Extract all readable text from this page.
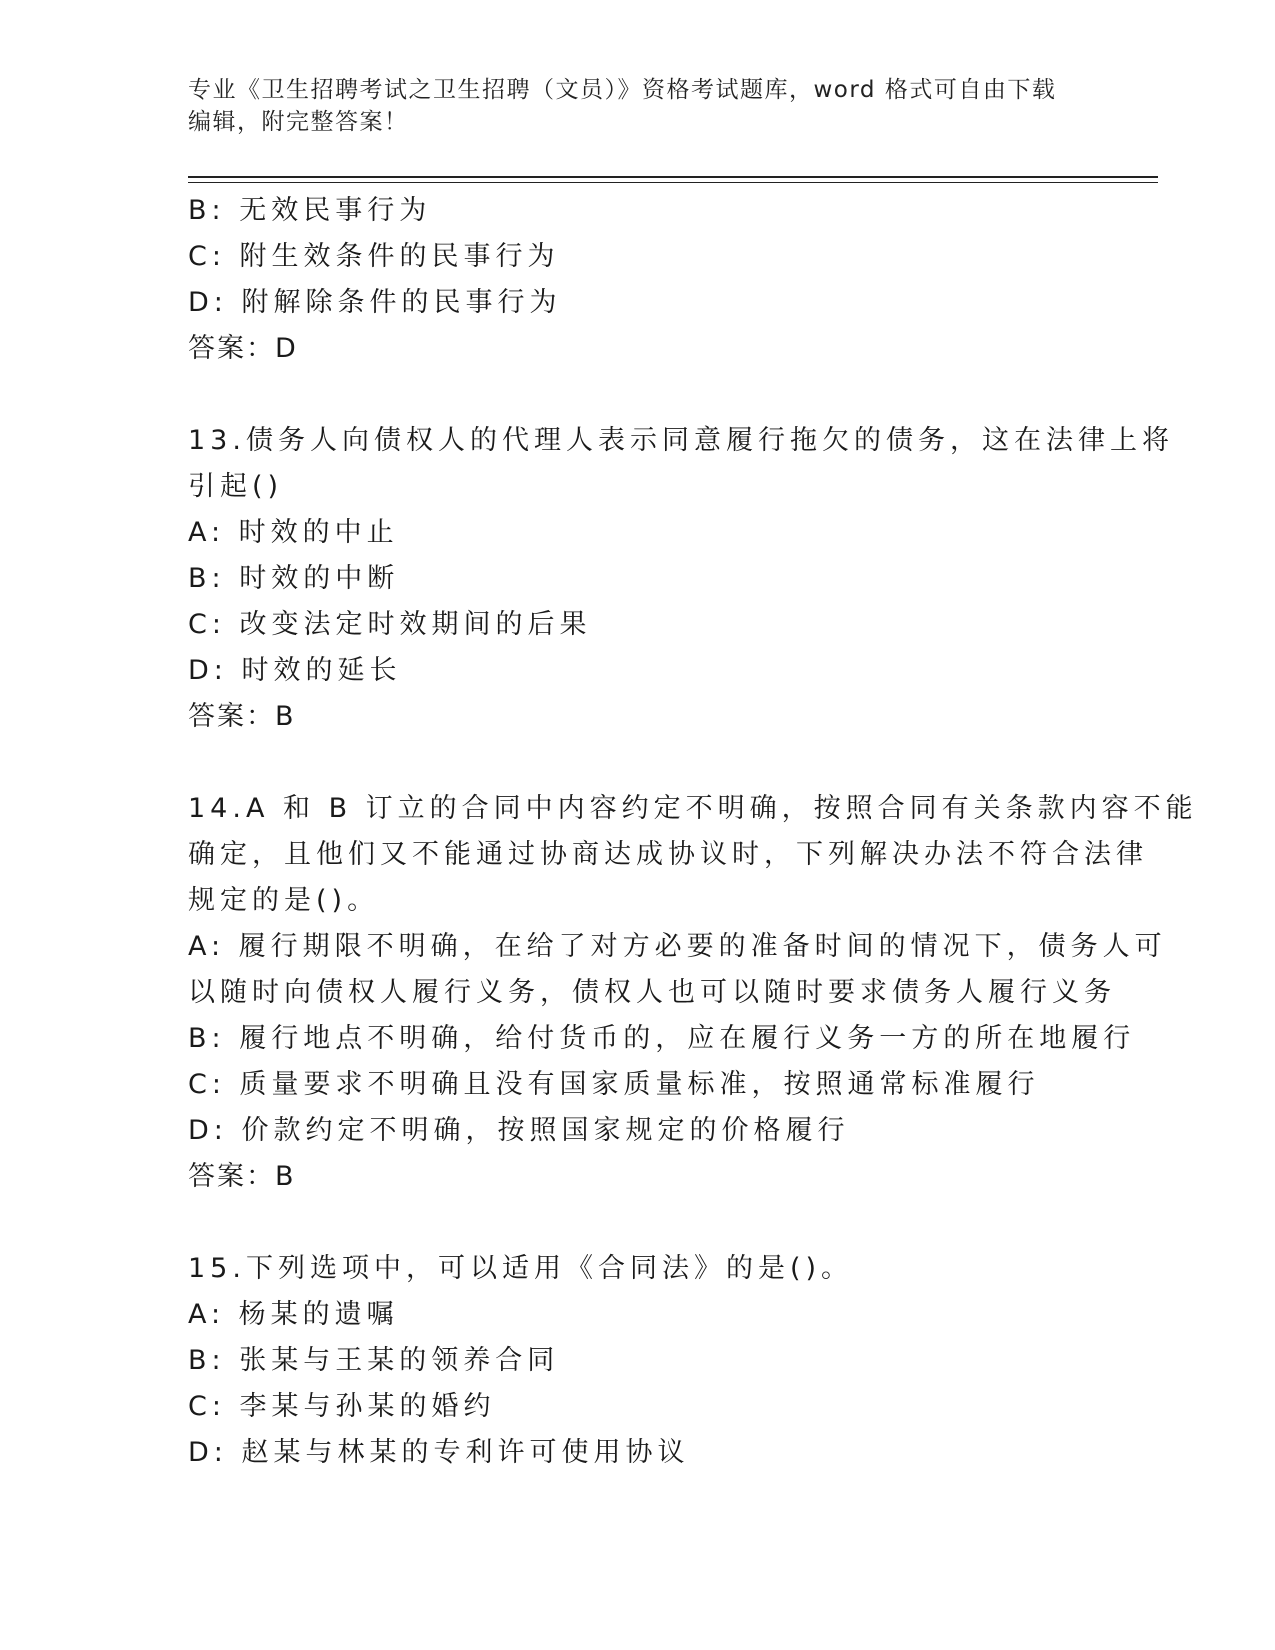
专业《卫生招聘考试之卫生招聘（文员）》资格考试题库，word 格式可自由下载
编辑，附完整答案！
B: 无效民事行为
C: 附生效条件的民事行为
D: 附解除条件的民事行为
答案：D
13.债务人向债权人的代理人表示同意履行拖欠的债务，这在法律上将
引起()
A: 时效的中止
B: 时效的中断
C: 改变法定时效期间的后果
D: 时效的延长
答案：B
14.A 和 B 订立的合同中内容约定不明确，按照合同有关条款内容不能
确定，且他们又不能通过协商达成协议时，下列解决办法不符合法律
规定的是()。
A: 履行期限不明确，在给了对方必要的准备时间的情况下，债务人可
以随时向债权人履行义务，债权人也可以随时要求债务人履行义务
B: 履行地点不明确，给付货币的，应在履行义务一方的所在地履行
C: 质量要求不明确且没有国家质量标准，按照通常标准履行
D: 价款约定不明确，按照国家规定的价格履行
答案：B
15.下列选项中，可以适用《合同法》的是()。
A: 杨某的遗嘱
B: 张某与王某的领养合同
C: 李某与孙某的婚约
D: 赵某与林某的专利许可使用协议
